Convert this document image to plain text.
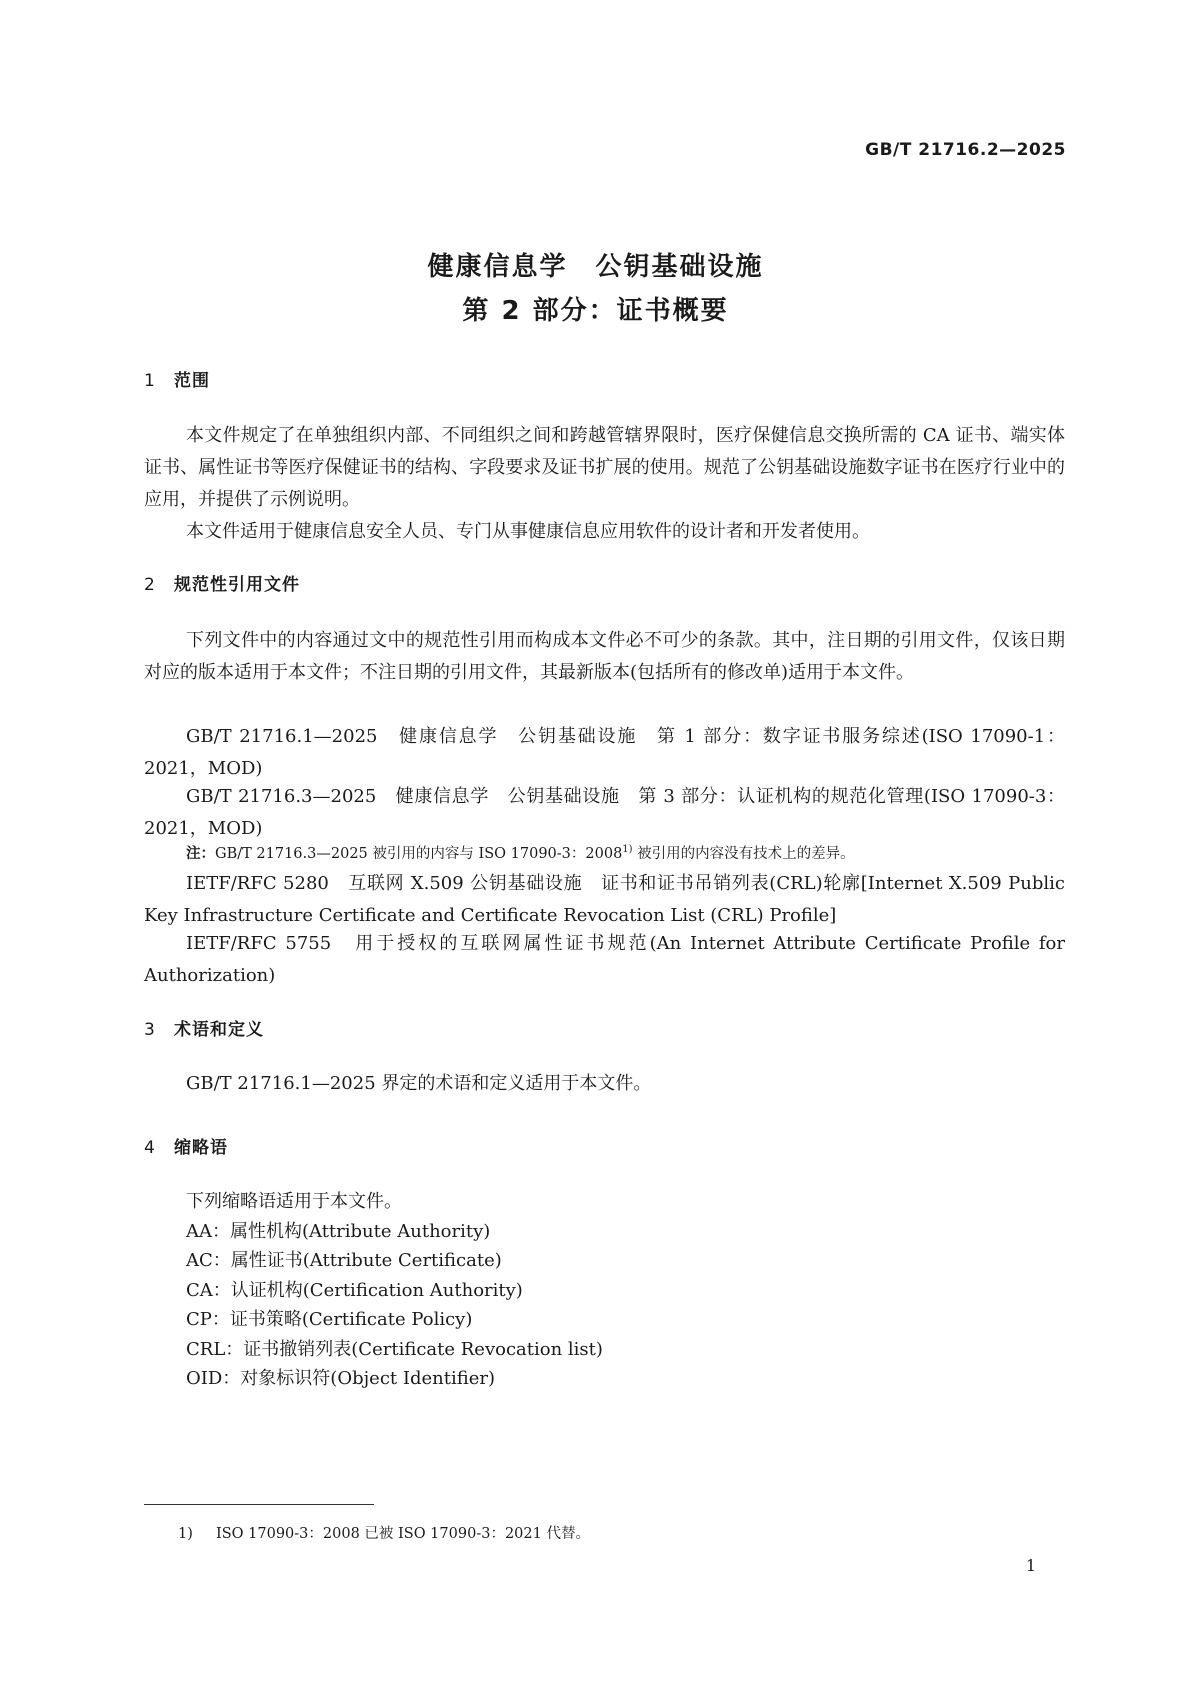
GB/T 21716.2—2025
健康信息学　公钥基础设施
第 2 部分：证书概要
1 范围
本文件规定了在单独组织内部、不同组织之间和跨越管辖界限时，医疗保健信息交换所需的 CA 证书、端实体证书、属性证书等医疗保健证书的结构、字段要求及证书扩展的使用。规范了公钥基础设施数字证书在医疗行业中的应用，并提供了示例说明。
本文件适用于健康信息安全人员、专门从事健康信息应用软件的设计者和开发者使用。
2 规范性引用文件
下列文件中的内容通过文中的规范性引用而构成本文件必不可少的条款。其中，注日期的引用文件，仅该日期对应的版本适用于本文件；不注日期的引用文件，其最新版本(包括所有的修改单)适用于本文件。
GB/T 21716.1—2025　健康信息学　公钥基础设施　第 1 部分：数字证书服务综述(ISO 17090-1：2021，MOD)
GB/T 21716.3—2025　健康信息学　公钥基础设施　第 3 部分：认证机构的规范化管理(ISO 17090-3：2021，MOD)
注：GB/T 21716.3—2025 被引用的内容与 ISO 17090-3：2008$^{1)}$ 被引用的内容没有技术上的差异。
IETF/RFC 5280　互联网 X.509 公钥基础设施　证书和证书吊销列表(CRL)轮廓[Internet X.509 Public Key Infrastructure Certificate and Certificate Revocation List (CRL) Profile]
IETF/RFC 5755　用于授权的互联网属性证书规范(An Internet Attribute Certificate Profile for Authorization)
3 术语和定义
GB/T 21716.1—2025 界定的术语和定义适用于本文件。
4 缩略语
下列缩略语适用于本文件。
AA：属性机构(Attribute Authority)
AC：属性证书(Attribute Certificate)
CA：认证机构(Certification Authority)
CP：证书策略(Certificate Policy)
CRL：证书撤销列表(Certificate Revocation list)
OID：对象标识符(Object Identifier)
1) ISO 17090-3：2008 已被 ISO 17090-3：2021 代替。
1
